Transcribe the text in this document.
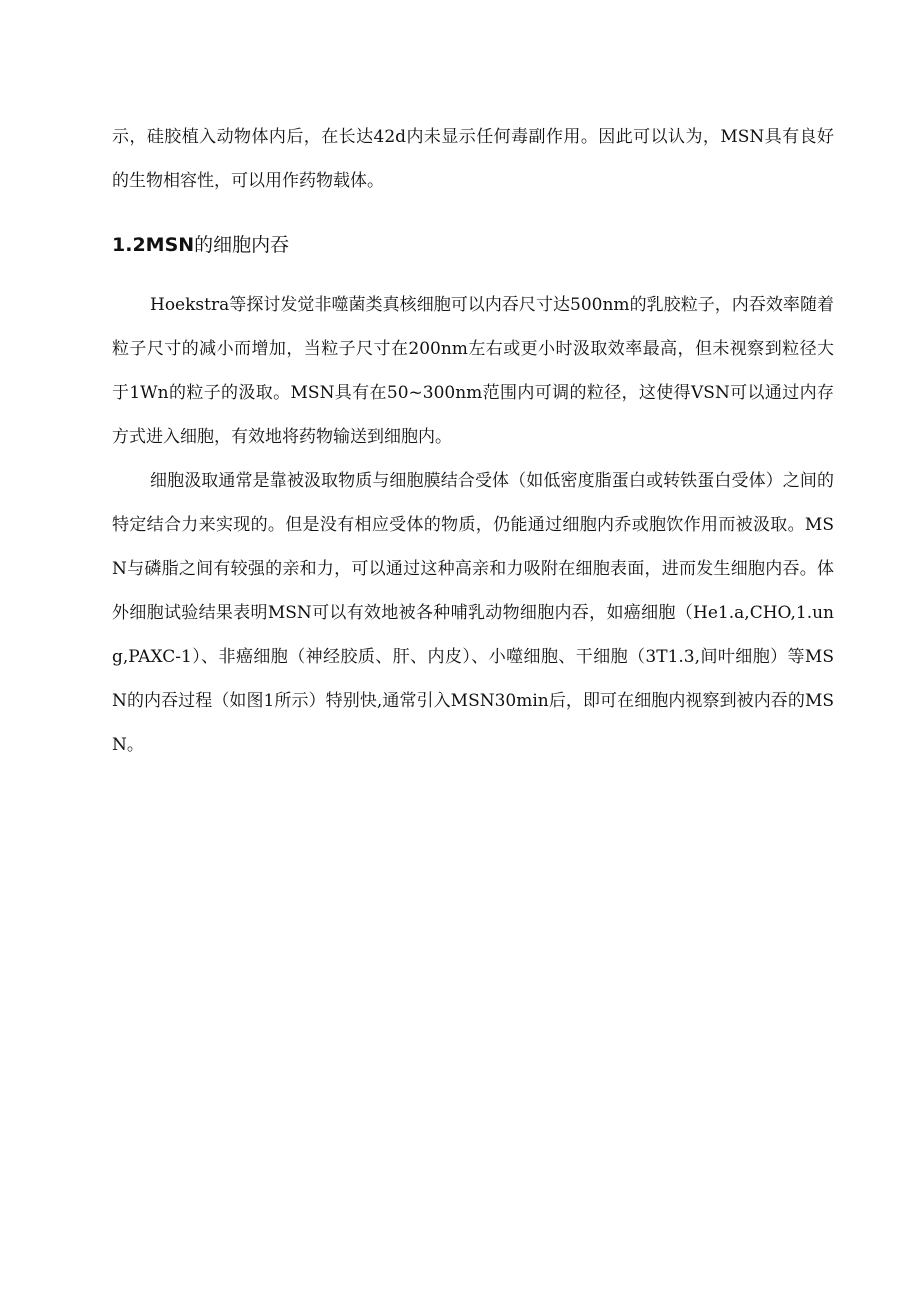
示，硅胶植入动物体内后，在长达42d内未显示任何毒副作用。因此可以认为，MSN具有良好的生物相容性，可以用作药物载体。

1.2MSN的细胞内吞

Hoekstra等探讨发觉非噬菌类真核细胞可以内吞尺寸达500nm的乳胶粒子，内吞效率随着粒子尺寸的减小而增加，当粒子尺寸在200nm左右或更小时汲取效率最高，但未视察到粒径大于1Wn的粒子的汲取。MSN具有在50~300nm范围内可调的粒径，这使得VSN可以通过内存方式进入细胞，有效地将药物输送到细胞内。

细胞汲取通常是靠被汲取物质与细胞膜结合受体（如低密度脂蛋白或转铁蛋白受体）之间的特定结合力来实现的。但是没有相应受体的物质，仍能通过细胞内乔或胞饮作用而被汲取。MSN与磷脂之间有较强的亲和力，可以通过这种高亲和力吸附在细胞表面，进而发生细胞内吞。体外细胞试验结果表明MSN可以有效地被各种哺乳动物细胞内吞，如癌细胞（He1.a,CHO,1.ung,PAXC-1）、非癌细胞（神经胶质、肝、内皮）、小噬细胞、干细胞（3T1.3,间叶细胞）等MSN的内吞过程（如图1所示）特别快,通常引入MSN30min后，即可在细胞内视察到被内吞的MSN。
